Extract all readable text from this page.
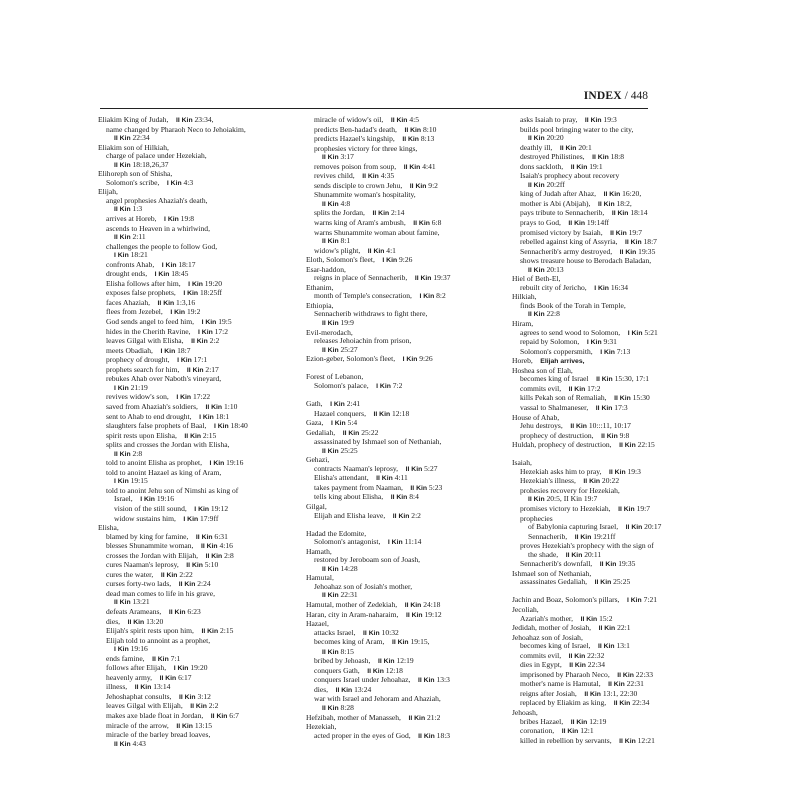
INDEX / 448
Eliakim King of Judah,  II Kin 23:34,
name changed by Pharaoh Neco to Jehoiakim,
II Kin 22:34
Eliakim son of Hilkiah,
charge of palace under Hezekiah,
II Kin 18:18,26,37
Elihoreph son of Shisha,
Solomon's scribe,  I Kin 4:3
Elijah,
angel prophesies Ahaziah's death,
II Kin 1:3
arrives at Horeb,  I Kin 19:8
ascends to Heaven in a whirlwind,
II Kin 2:11
challenges the people to follow God,
I Kin 18:21
confronts Ahab,  I Kin 18:17
drought ends,  I Kin 18:45
Elisha follows after him,  I Kin 19:20
exposes false prophets,  I Kin 18:25ff
faces Ahaziah,  II Kin 1:3,16
flees from Jezebel,  I Kin 19:2
God sends angel to feed him,  I Kin 19:5
hides in the Cherith Ravine,  I Kin 17:2
leaves Gilgal with Elisha,  II Kin 2:2
meets Obadiah,  I Kin 18:7
prophecy of drought,  I Kin 17:1
prophets search for him,  II Kin 2:17
rebukes Ahab over Naboth's vineyard,
I Kin 21:19
revives widow's son,  I Kin 17:22
saved from Ahaziah's soldiers,  II Kin 1:10
sent to Ahab to end drought,  I Kin 18:1
slaughters false prophets of Baal,  I Kin 18:40
spirit rests upon Elisha,  II Kin 2:15
splits and crosses the Jordan with Elisha,
II Kin 2:8
told to anoint Elisha as prophet,  I Kin 19:16
told to anoint Hazael as king of Aram,
I Kin 19:15
told to anoint Jehu son of Nimshi as king of
Israel,  I Kin 19:16
vision of the still sound,  I Kin 19:12
widow sustains him,  I Kin 17:9ff
Elisha,
blamed by king for famine,  II Kin 6:31
blesses Shunammite woman,  II Kin 4:16
crosses the Jordan with Elijah,  II Kin 2:8
cures Naaman's leprosy,  II Kin 5:10
cures the water,  II Kin 2:22
curses forty-two lads,  II Kin 2:24
dead man comes to life in his grave,
II Kin 13:21
defeats Arameans,  II Kin 6:23
dies,  II Kin 13:20
Elijah's spirit rests upon him,  II Kin 2:15
Elijah told to annoint as a prophet,
I Kin 19:16
ends famine,  II Kin 7:1
follows after Elijah,  I Kin 19:20
heavenly army,  II Kin 6:17
illness,  II Kin 13:14
Jehoshaphat consults,  II Kin 3:12
leaves Gilgal with Elijah,  II Kin 2:2
makes axe blade float in Jordan,  II Kin 6:7
miracle of the arrow,  II Kin 13:15
miracle of the barley bread loaves,
II Kin 4:43
miracle of widow's oil,  II Kin 4:5
predicts Ben-hadad's death,  II Kin 8:10
predicts Hazael's kingship,  II Kin 8:13
prophesies victory for three kings,
II Kin 3:17
removes poison from soup,  II Kin 4:41
revives child,  II Kin 4:35
sends disciple to crown Jehu,  II Kin 9:2
Shunammite woman's hospitality,
II Kin 4:8
splits the Jordan,  II Kin 2:14
warns king of Aram's ambush,  II Kin 6:8
warns Shunammite woman about famine,
II Kin 8:1
widow's plight,  II Kin 4:1
Eloth, Solomon's fleet,  I Kin 9:26
Esar-haddon,
reigns in place of Sennacherib,  II Kin 19:37
Ethanim,
month of Temple's consecration,  I Kin 8:2
Ethiopia,
Sennacherib withdraws to fight there,
II Kin 19:9
Evil-merodach,
releases Jehoiachin from prison,
II Kin 25:27
Ezion-geber, Solomon's fleet,  I Kin 9:26
Forest of Lebanon,
Solomon's palace,  I Kin 7:2
Gath,  I Kin 2:41
Hazael conquers,  II Kin 12:18
Gaza,  I Kin 5:4
Gedaliah,  II Kin 25:22
assassinated by Ishmael son of Nethaniah,
II Kin 25:25
Gehazi,
contracts Naaman's leprosy,  II Kin 5:27
Elisha's attendant,  II Kin 4:11
takes payment from Naaman,  II Kin 5:23
tells king about Elisha,  II Kin 8:4
Gilgal,
Elijah and Elisha leave,  II Kin 2:2
Hadad the Edomite,
Solomon's antagonist,  I Kin 11:14
Hamath,
restored by Jeroboam son of Joash,
II Kin 14:28
Hamutal,
Jehoahaz son of Josiah's mother,
II Kin 22:31
Hamutal, mother of Zedekiah,  II Kin 24:18
Haran, city in Aram-naharaim,  II Kin 19:12
Hazael,
attacks Israel,  II Kin 10:32
becomes king of Aram,  II Kin 19:15,
II Kin 8:15
bribed by Jehoash,  II Kin 12:19
conquers Gath,  II Kin 12:18
conquers Israel under Jehoahaz,  II Kin 13:3
dies,  II Kin 13:24
war with Israel and Jehoram and Ahaziah,
II Kin 8:28
Hefzibah, mother of Manasseh,  II Kin 21:2
Hezekiah,
acted proper in the eyes of God,  II Kin 18:3
asks Isaiah to pray,  II Kin 19:3
builds pool bringing water to the city,
II Kin 20:20
deathly ill,  II Kin 20:1
destroyed Philistines,  II Kin 18:8
dons sackloth,  II Kin 19:1
Isaiah's prophecy about recovery
II Kin 20:2ff
king of Judah after Ahaz,  II Kin 16:20,
mother is Abi (Abijah),  II Kin 18:2,
pays tribute to Sennacherib,  II Kin 18:14
prays to God,  II Kin 19:14ff
promised victory by Isaiah,  II Kin 19:7
rebelled against king of Assyria,  II Kin 18:7
Sennacherib's army destroyed,  II Kin 19:35
shows treasure house to Berodach Baladan,
II Kin 20:13
Hiel of Beth-El,
rebuilt city of Jericho,  I Kin 16:34
Hilkiah,
finds Book of the Torah in Temple,
II Kin 22:8
Hiram,
agrees to send wood to Solomon,  I Kin 5:21
repaid by Solomon,  I Kin 9:31
Solomon's coppersmith,  I Kin 7:13
Horeb,  Elijah arrives,
Hoshea son of Elah,
becomes king of Israel  II Kin 15:30, 17:1
commits evil,  II Kin 17:2
kills Pekah son of Remaliah,  II Kin 15:30
vassal to Shalmaneser,  II Kin 17:3
House of Ahab,
Jehu destroys,  II Kin 10:::11, 10:17
prophecy of destruction,  II Kin 9:8
Huldah, prophecy of destruction,  II Kin 22:15
Isaiah,
Hezekiah asks him to pray,  II Kin 19:3
Hezekiah's illness,  II Kin 20:22
prohesies recovery for Hezekiah,
II Kin 20:5, II Kin 19:7
promises victory to Hezekiah,  II Kin 19:7
prophecies
of Babylonia capturing Israel,  II Kin 20:17
Sennacherib,  II Kin 19:21ff
proves Hezekiah's prophecy with the sign of
the shade,  II Kin 20:11
Sennacherib's downfall,  II Kin 19:35
Ishmael son of Nethaniah,
assassinates Gedaliah,  II Kin 25:25
Jachin and Boaz, Solomon's pillars,  I Kin 7:21
Jecoliah,
Azariah's mother,  II Kin 15:2
Jedidah, mother of Josiah,  II Kin 22:1
Jehoahaz son of Josiah,
becomes king of Israel,  II Kin 13:1
commits evil,  II Kin 22:32
dies in Egypt,  II Kin 22:34
imprisoned by Pharaoh Neco,  II Kin 22:33
mother's name is Hamutal,  II Kin 22:31
reigns after Josiah,  II Kin 13:1, 22:30
replaced by Eliakim as king,  II Kin 22:34
Jehoash,
bribes Hazael,  II Kin 12:19
coronation,  II Kin 12:1
killed in rebellion by servants,  II Kin 12:21
